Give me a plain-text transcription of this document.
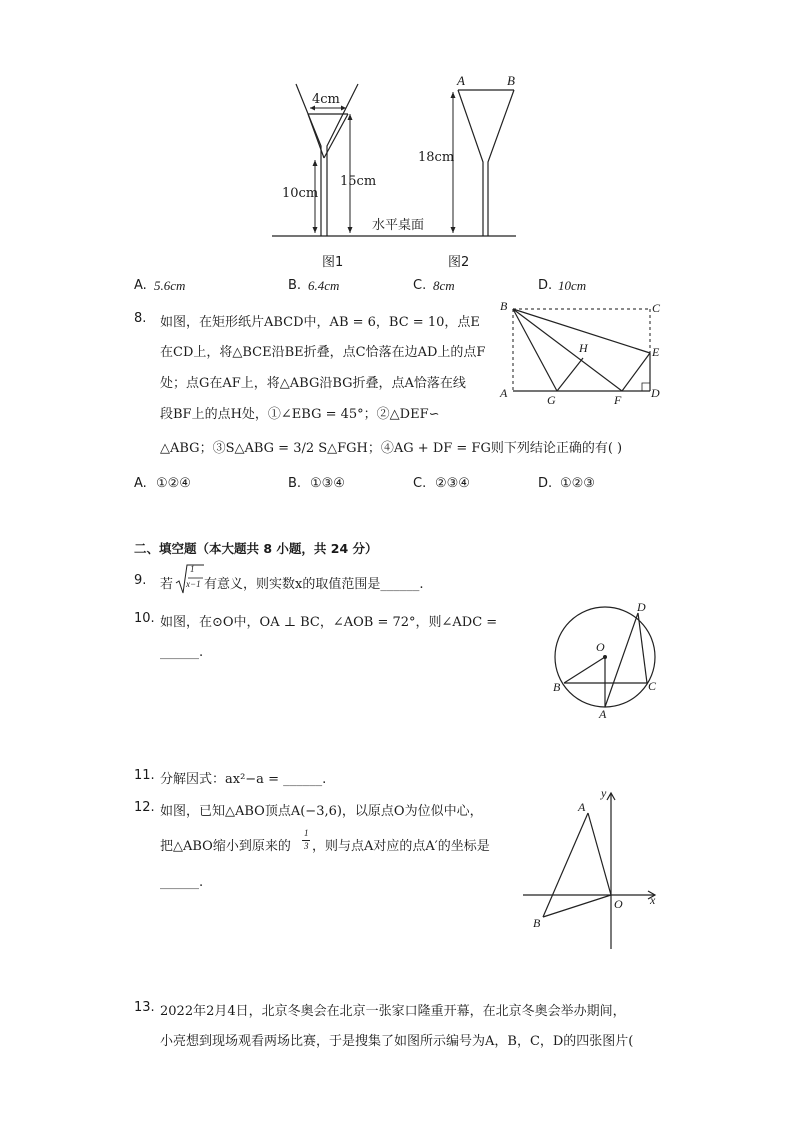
4cm
10cm
15cm
图1
A	B
18cm
图2
水平桌面
A. 5.6cm	B. 6.4cm	C. 8cm	D. 10cm
8. 如图，在矩形纸片ABCD中，AB = 6，BC = 10，点E
在CD上，将△BCE沿BE折叠，点C恰落在边AD上的点F
处；点G在AF上，将△ABG沿BG折叠，点A恰落在线
段BF上的点H处，①∠EBG = 45°；②△DEF∽
△ABG；③S△ABG = 3/2 S△FGH；④AG + DF = FG则下列结论正确的有( )
B	C
E
H
A	G	F D
A. ①②④	B. ①③④	C. ②③④	D. ①②③
二、填空题（本大题共 8 小题，共 24 分）
9. 若
1
x−1 有意义，则实数x的取值范围是______.
10. 如图，在⊙O中，OA ⊥ BC，∠AOB = 72°，则∠ADC =
______.	O
D
B	C
A
11. 分解因式：ax²−a = ______.
12. 如图，已知△ABO顶点A(−3,6)，以原点O为位似中心，
把△ABO缩小到原来的
1
3 ，则与点A对应的点A′的坐标是
______.
A
B
O x
y
13. 2022年2月4日，北京冬奥会在北京一张家口隆重开幕，在北京冬奥会举办期间，
小亮想到现场观看两场比赛，于是搜集了如图所示编号为A，B，C，D的四张图片(
